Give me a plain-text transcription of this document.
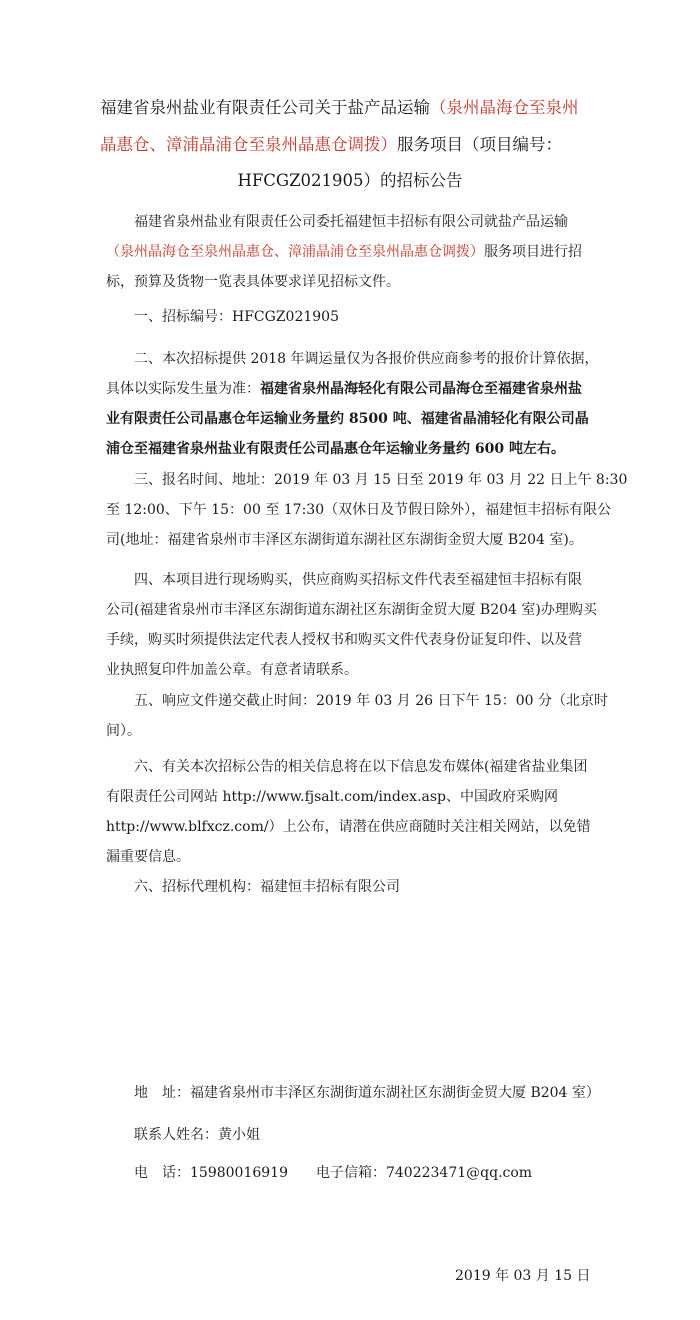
福建省泉州盐业有限责任公司关于盐产品运输（泉州晶海仓至泉州
晶惠仓、漳浦晶浦仓至泉州晶惠仓调拨）服务项目（项目编号：
HFCGZ021905）的招标公告
福建省泉州盐业有限责任公司委托福建恒丰招标有限公司就盐产品运输
（泉州晶海仓至泉州晶惠仓、漳浦晶浦仓至泉州晶惠仓调拨）服务项目进行招
标，预算及货物一览表具体要求详见招标文件。
一、招标编号：HFCGZ021905
二、本次招标提供 2018 年调运量仅为各报价供应商参考的报价计算依据，
具体以实际发生量为准：福建省泉州晶海轻化有限公司晶海仓至福建省泉州盐
业有限责任公司晶惠仓年运输业务量约 8500 吨、福建省晶浦轻化有限公司晶
浦仓至福建省泉州盐业有限责任公司晶惠仓年运输业务量约 600 吨左右。
三、报名时间、地址：2019 年 03 月 15 日至 2019 年 03 月 22 日上午 8:30
至 12:00、下午 15：00 至 17:30（双休日及节假日除外），福建恒丰招标有限公
司(地址：福建省泉州市丰泽区东湖街道东湖社区东湖街金贸大厦 B204 室)。
四、本项目进行现场购买，供应商购买招标文件代表至福建恒丰招标有限
公司(福建省泉州市丰泽区东湖街道东湖社区东湖街金贸大厦 B204 室)办理购买
手续，购买时须提供法定代表人授权书和购买文件代表身份证复印件、以及营
业执照复印件加盖公章。有意者请联系。
五、响应文件递交截止时间：2019 年 03 月 26 日下午 15：00 分（北京时
间）。
六、有关本次招标公告的相关信息将在以下信息发布媒体(福建省盐业集团
有限责任公司网站 http://www.fjsalt.com/index.asp、中国政府采购网
http://www.blfxcz.com/）上公布，请潜在供应商随时关注相关网站，以免错
漏重要信息。
六、招标代理机构：福建恒丰招标有限公司
地　址：福建省泉州市丰泽区东湖街道东湖社区东湖街金贸大厦 B204 室）
联系人姓名：黄小姐
电　话：15980016919　　电子信箱：740223471@qq.com
2019 年 03 月 15 日
